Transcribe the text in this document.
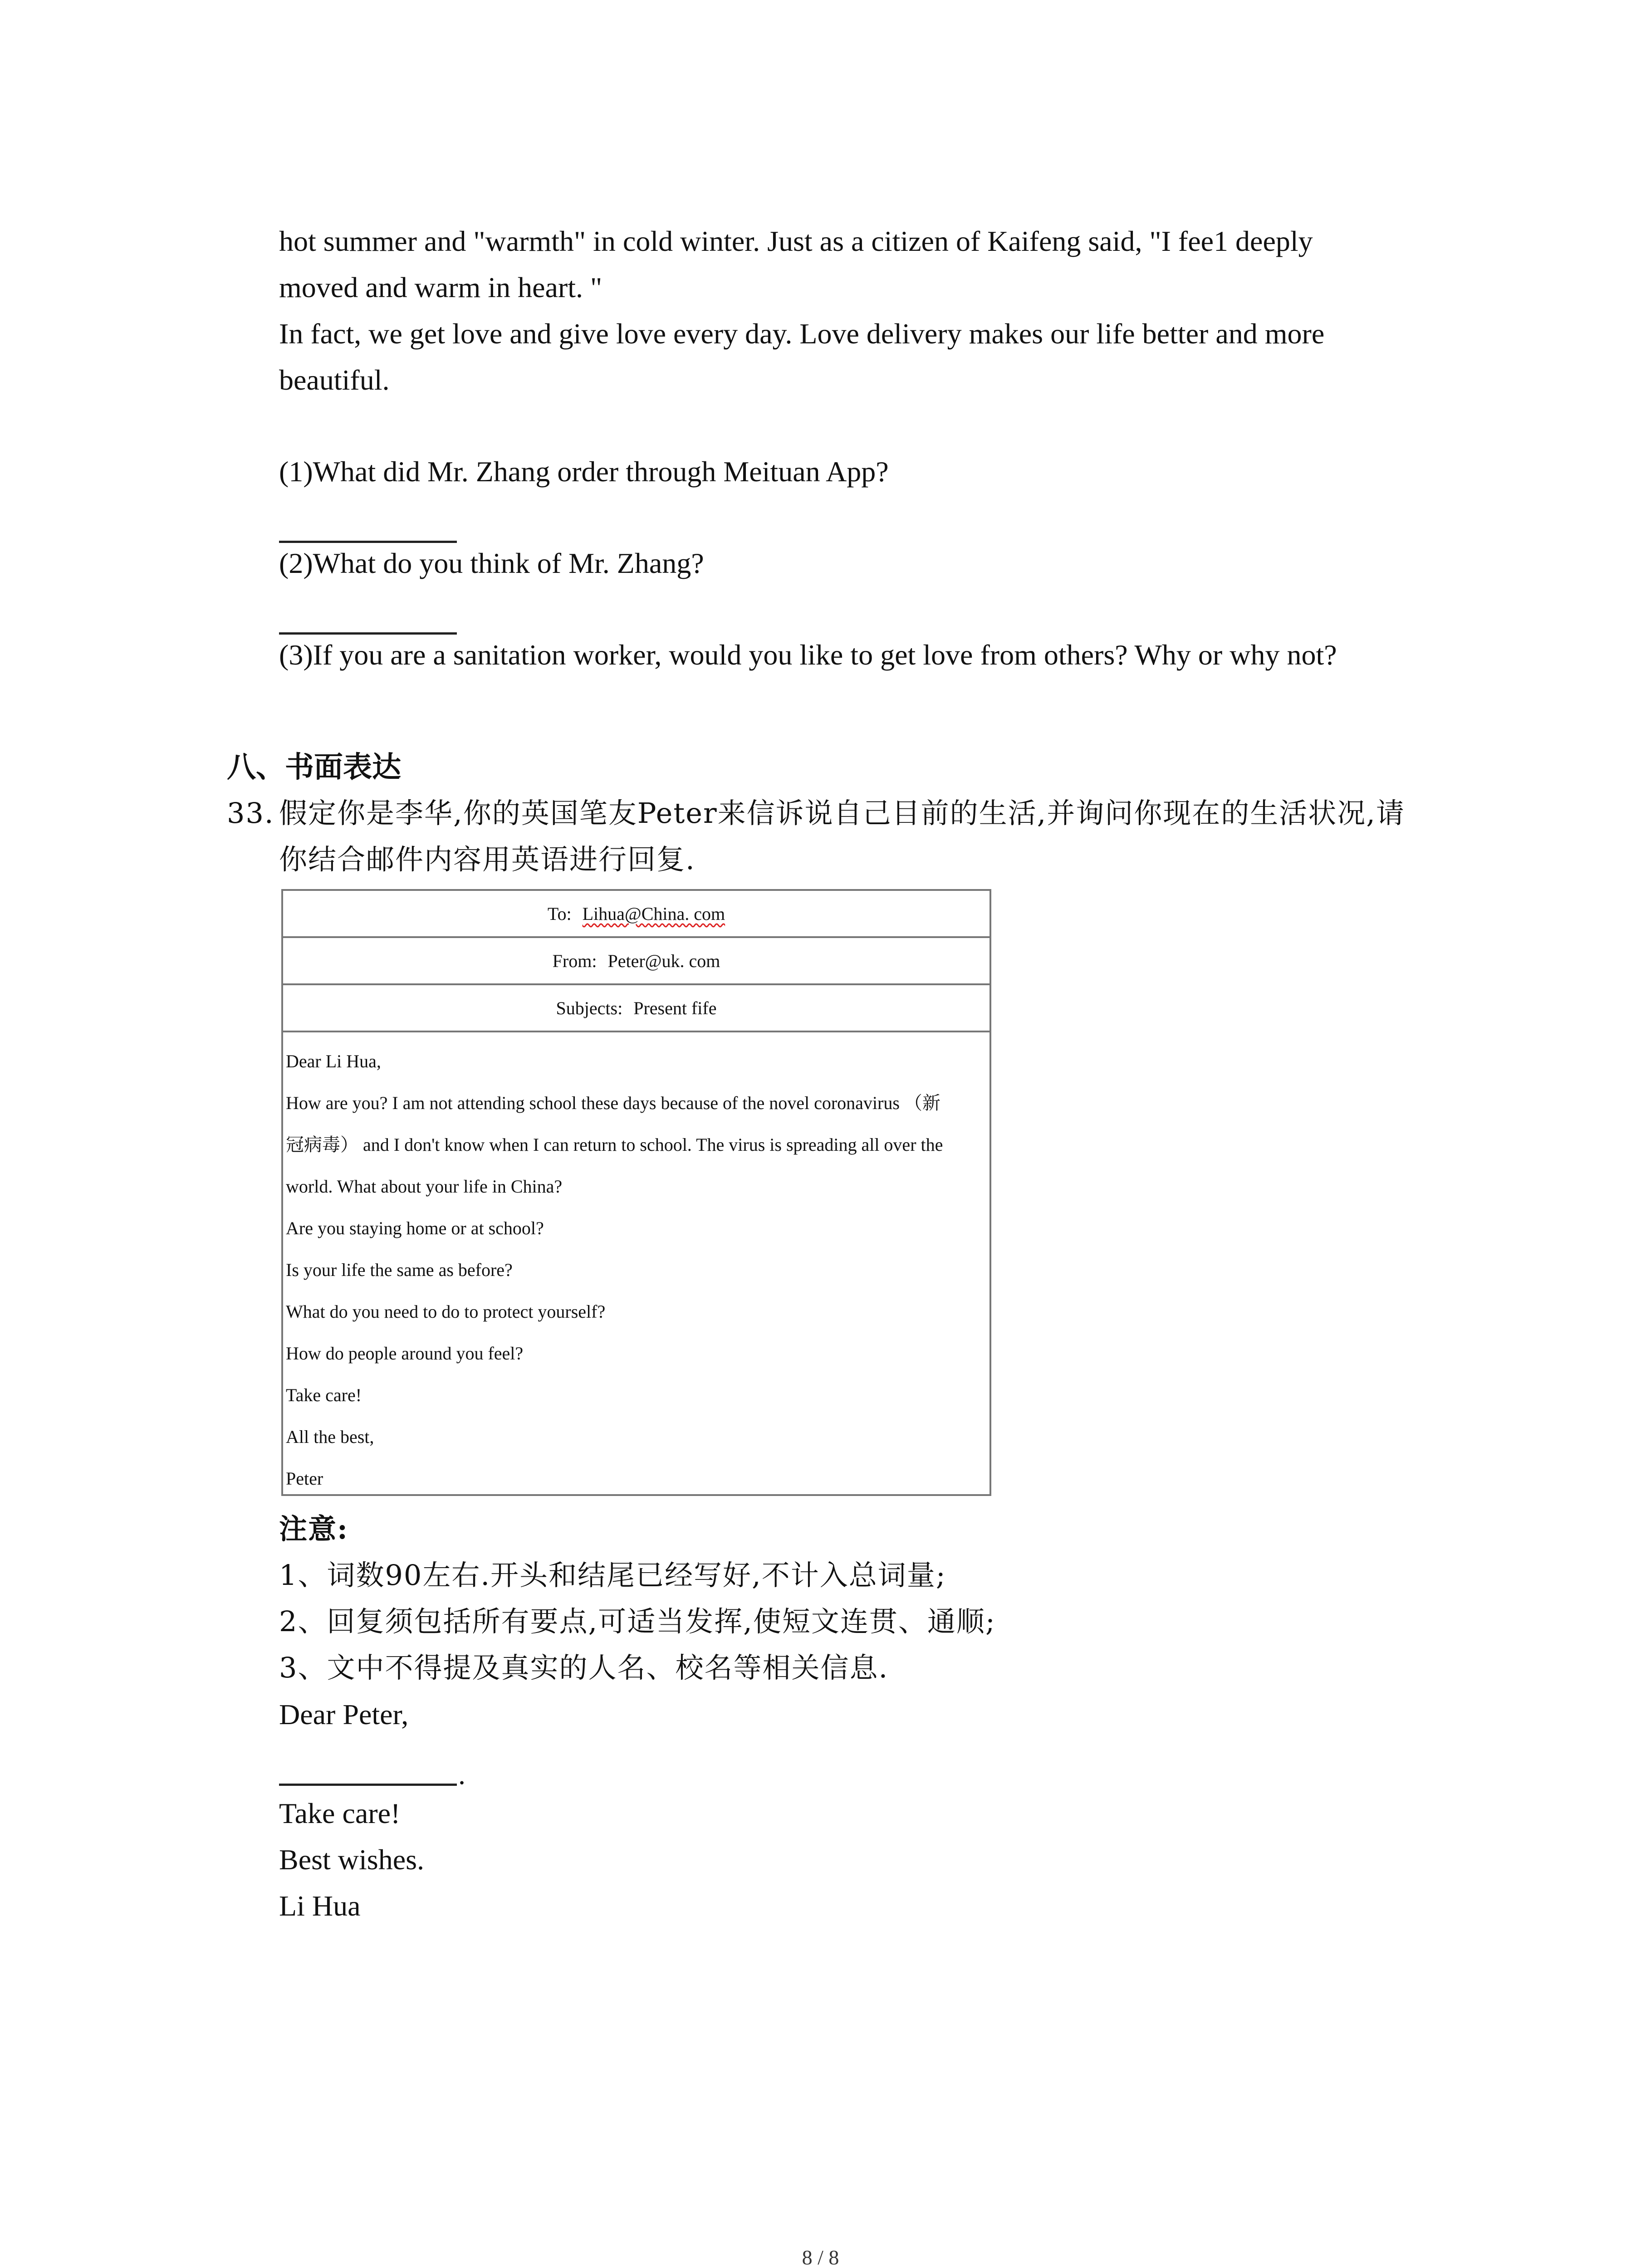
hot summer and "warmth" in cold winter. Just as a citizen of Kaifeng said, "I fee1 deeply
moved and warm in heart. "
In fact, we get love and give love every day. Love delivery makes our life better and more
beautiful.
(1)What did Mr. Zhang order through Meituan App?
(2)What do you think of Mr. Zhang?
(3)If you are a sanitation worker, would you like to get love from others? Why or why not?
八、书面表达
33. 假定你是李华,你的英国笔友Peter来信诉说自己目前的生活,并询问你现在的生活状况,请
你结合邮件内容用英语进行回复.
To: Lihua@China. com
From: Peter@uk. com
Subjects: Present fife
Dear Li Hua,
How are you? I am not attending school these days because of the novel coronavirus （新
冠病毒） and I don't know when I can return to school. The virus is spreading all over the
world. What about your life in China?
Are you staying home or at school?
Is your life the same as before?
What do you need to do to protect yourself?
How do people around you feel?
Take care!
All the best,
Peter
注意:
1、词数90左右.开头和结尾已经写好,不计入总词量;
2、回复须包括所有要点,可适当发挥,使短文连贯、通顺;
3、文中不得提及真实的人名、校名等相关信息.
Dear Peter,
.
Take care!
Best wishes.
Li Hua
8 / 8
